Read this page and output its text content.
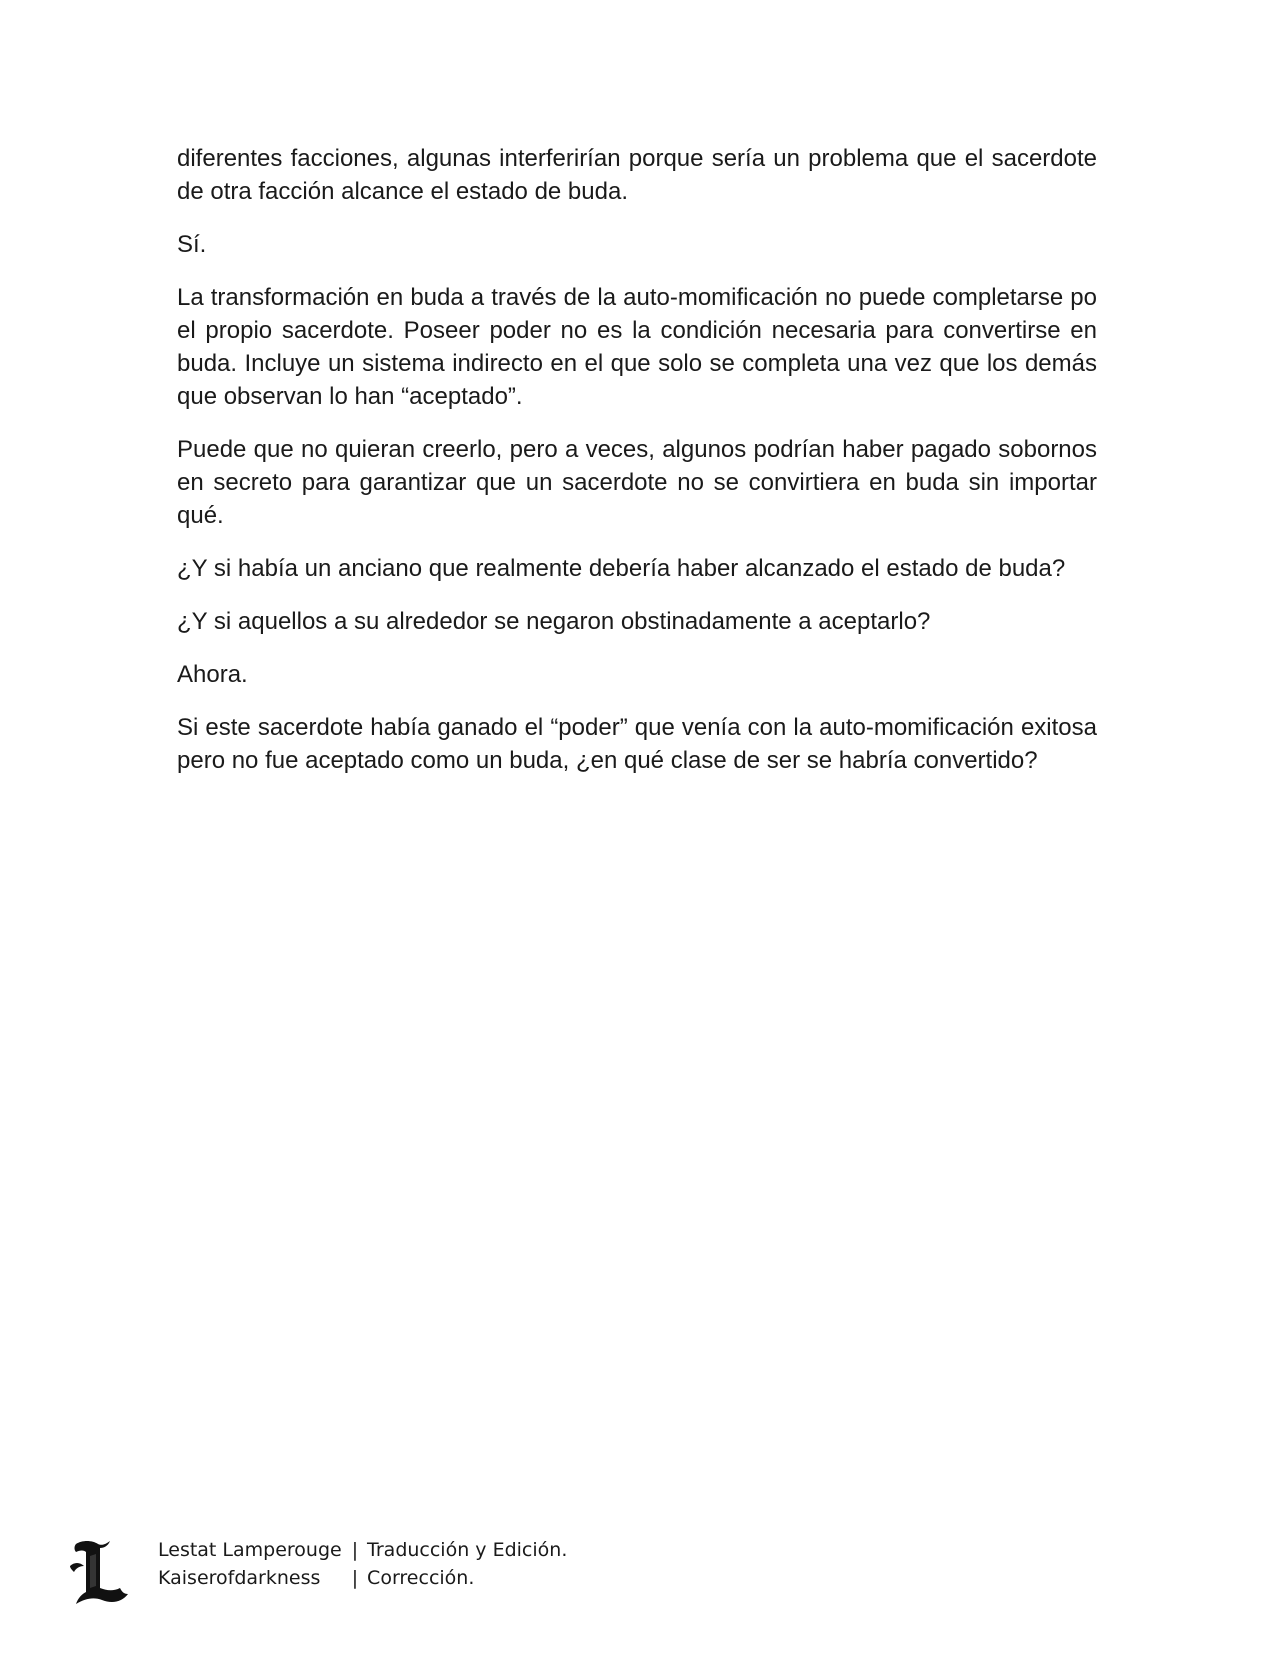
diferentes facciones, algunas interferirían porque sería un problema que el sacerdote de otra facción alcance el estado de buda.

Sí.

La transformación en buda a través de la auto-momificación no puede completarse po el propio sacerdote. Poseer poder no es la condición necesaria para convertirse en buda. Incluye un sistema indirecto en el que solo se completa una vez que los demás que observan lo han “aceptado”.

Puede que no quieran creerlo, pero a veces, algunos podrían haber pagado sobornos en secreto para garantizar que un sacerdote no se convirtiera en buda sin importar qué.

¿Y si había un anciano que realmente debería haber alcanzado el estado de buda?

¿Y si aquellos a su alrededor se negaron obstinadamente a aceptarlo?

Ahora.

Si este sacerdote había ganado el “poder” que venía con la auto-momificación exitosa pero no fue aceptado como un buda, ¿en qué clase de ser se habría convertido?

Lestat Lamperouge | Traducción y Edición.
Kaiserofdarkness | Corrección.
